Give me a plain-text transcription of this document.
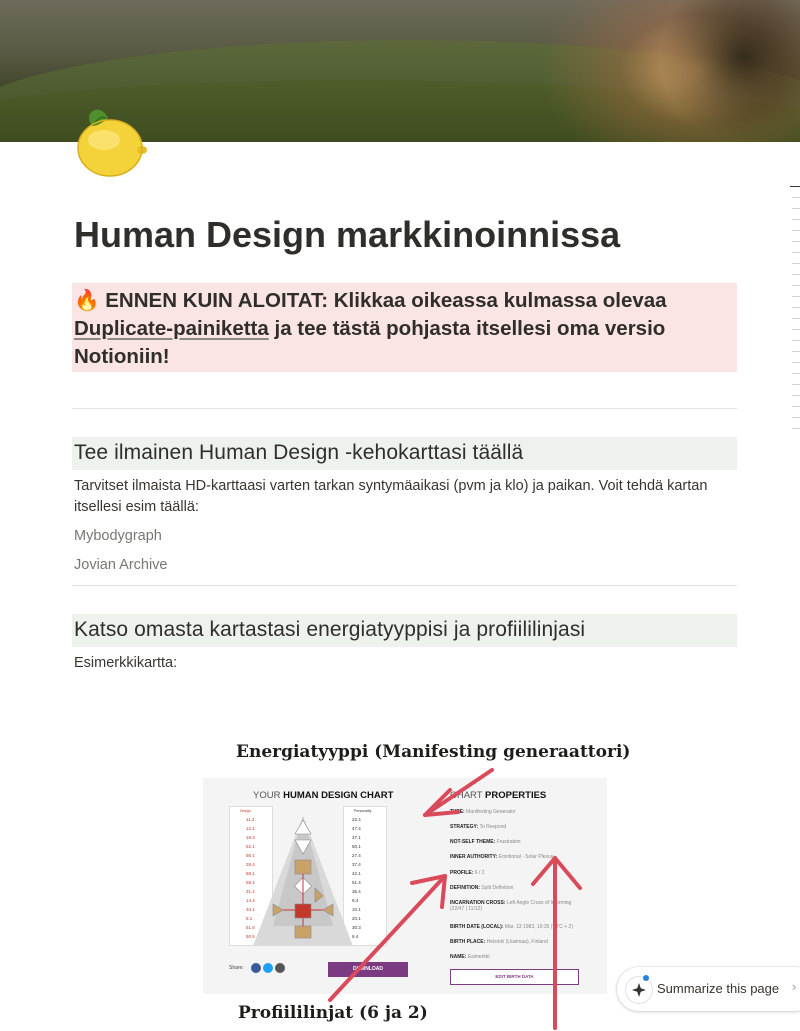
Human Design markkinoinnissa

🔥 ENNEN KUIN ALOITAT: Klikkaa oikeassa kulmassa olevaa Duplicate-painiketta ja tee tästä pohjasta itsellesi oma versio Notioniin!

Tee ilmainen Human Design -kehokarttasi täällä
Tarvitset ilmaista HD-karttaasi varten tarkan syntymäaikasi (pvm ja klo) ja paikan. Voit tehdä kartan itsellesi esim täällä:
Mybodygraph
Jovian Archive
Katso omasta kartastasi energiatyyppisi ja profiililinjasi
Esimerkkikartta:
Energiatyyppi (Manifesting generaattori)
YOUR HUMAN DESIGN CHART	CHART PROPERTIES
Design
11.2
12.1
18.3
52.1
56.1
28.4
58.1
58.1
31.4
14.4
34.1
8.1
51.5
50.5
Personality
22.4
47.4
37.1
50.1
27.4
37.4
42.1
51.4
35.4
9.4
10.1
20.1
30.3
9.4
TYPE: Manifesting Generator
STRATEGY: To Respond
NOT-SELF THEME: Frustration
INNER AUTHORITY: Emotional - Solar Plexus
PROFILE: 6 / 2
DEFINITION: Split Definition
INCARNATION CROSS: Left Angle Cross of Informing (22/47 | 11/12)
BIRTH DATE (LOCAL): Mar, 13 1983, 10:35 (UTC + 2)
BIRTH PLACE: Helsinki (Uusimaa), Finland
NAME: Esimerkki
Share:	DOWNLOAD
EDIT BIRTH DATA
Profiililinjat (6 ja 2)
Summarize this page ›
